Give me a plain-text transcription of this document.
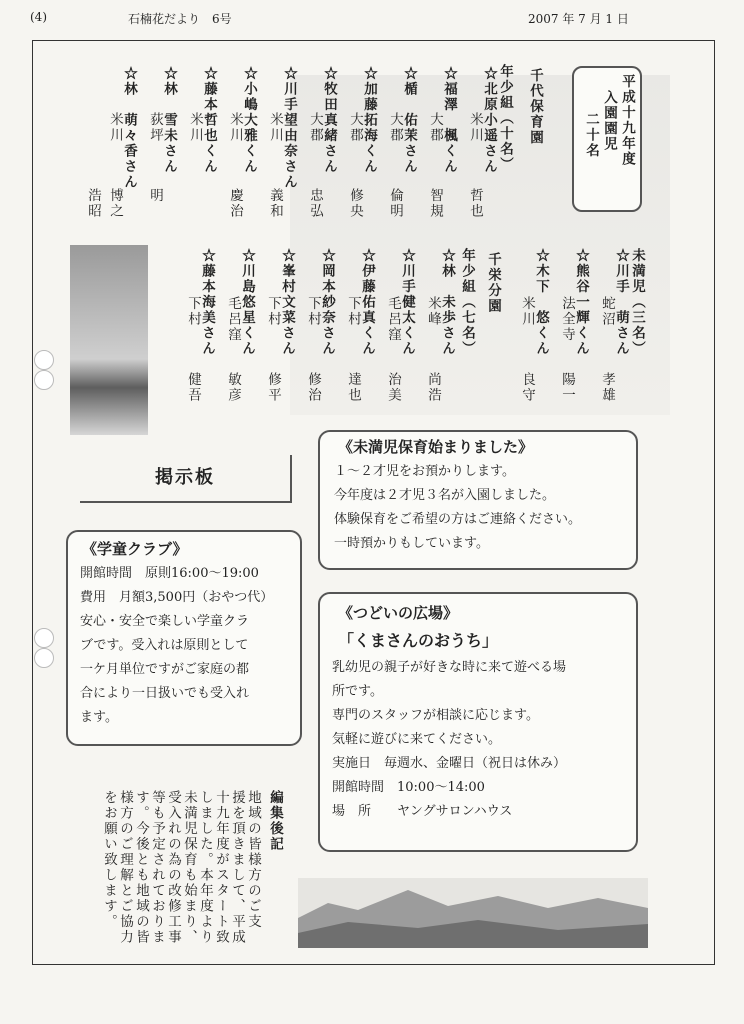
(4)	石楠花だより　6号	2007 年 7 月 1 日
平成十九年度
入園園児
二十名
千代保育園
年少組（十名）
☆北原小遥さん
米川
哲也
☆福澤　楓くん
大郡
智規
☆楯　佑茉さん
大郡
倫明
☆加藤拓海くん
大郡
修央
☆牧田真緒さん
大郡
忠弘
☆川手望由奈さん
米川
義和
☆小嶋大雅くん
米川
慶治
☆藤本哲也くん
米川
☆林　雪未さん
荻坪
明
☆林　萌々香さん
米川
博之
浩昭
未満児（三名）
☆川手　萌さん
蛇沼
孝雄
☆熊谷一輝くん
法全寺
陽一
☆木下　悠くん
米川
良守
千栄分園
年少組（七名）
☆林　未歩さん
米峰
尚浩
☆川手健太くん
毛呂窪
治美
☆伊藤佑真くん
下村
達也
☆岡本紗奈さん
下村
修治
☆峯村文菜さん
下村
修平
☆川島悠星くん
毛呂窪
敏彦
☆藤本海美さん
下村
健吾
掲示板
《未満児保育始まりました》

１～２才児をお預かりします。

今年度は２才児３名が入園しました。

体験保育をご希望の方はご連絡ください。

一時預かりもしています。

《学童クラブ》

開館時間　原則16:00～19:00

費用　月額3,500円（おやつ代）

安心・安全で楽しい学童クラ

ブです。受入れは原則として

一ケ月単位ですがご家庭の都

合により一日扱いでも受入れ

ます。

《つどいの広場》
「くまさんのおうち」

乳幼児の親子が好きな時に来て遊べる場

所です。

専門のスタッフが相談に応じます。

気軽に遊びに来てください。

実施日　毎週水、金曜日（祝日は休み）

開館時間　10:00～14:00

場　所　　ヤングサロンハウス

編集後記
地域の皆様方のご支
援を頂きまして、平成
十九年度がスタート致
しました。本年度より
未満児保育も始まり、
受入れの為の改修工事
等も予定されておりま
す。今後とも地域の皆
様方のご理解とご協力
をお願い致します。
